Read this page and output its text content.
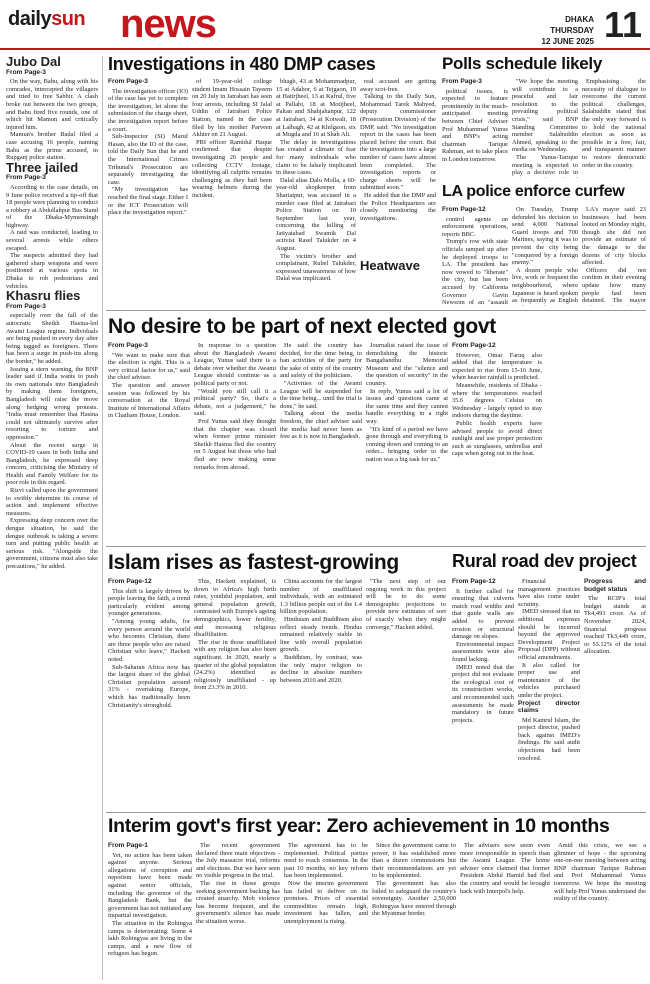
dailysun news	DHAKA
THURSDAY
12 JUNE 2025 11
Jubo Dal
From Page-3

On the way, Babu, along with his comrades, intercepted the villagers and tried to free Sabbir. A clash broke out between the two groups, and Babu fired five rounds, one of which hit Mamun and critically injured him.

Mamun's brother Badal filed a case accusing 16 people, naming Babu as the prime accused, in Rupganj police station.

Three jailed
From Page-3

According to the case details, on 9 June police received a tip-off that 18 people were planning to conduct a robbery at Abdullahpur Bus Stand of the Dhaka-Mymensingh highway.

A raid was conducted, leading to several arrests while others escaped.

The suspects admitted they had gathered sharp weapons and were positioned at various spots in Dhaka to rob pedestrians and vehicles.

Khasru flies
From Page-3

especially over the fall of the autocratic Sheikh Hasina-led Awami League regime. Individuals are being pushed in every day after being tagged as foreigners. There has been a surge in push-ins along the border," he added.

Issuing a stern warning, the BNP leader said if India wants to push its own nationals into Bangladesh by making them foreigners, Bangladesh will raise the move along hedging wrong protests. "India must remember that Hasina could not ultimately survive after resorting to torture and oppression."

About the recent surge in COVID-19 cases in both India and Bangladesh, he expressed deep concern, criticising the Ministry of Health and Family Welfare for its poor role in this regard.

Rizvi called upon the government to swiftly determine its course of action and implement effective measures.

Expressing deep concern over the dengue situation, he said the dengue outbreak is taking a severe turn and putting public health at serious risk. "Alongside the government, citizens must also take precautions," he added.

Investigations in 480 DMP cases
From Page-3

The investigation officer (IO) of the case has yet to complete the investigation, let alone the submission of the charge sheet, the investigation report before a court.

Sub-Inspector (SI) Maruf Hasan, also the IO of the case, told the Daily Sun that he and the International Crimes Tribunal's Prosecution are separately investigating the case.

"My investigation has reached the final stage. Either I or the ICT Prosecution will place the investigation report."

of 19-year-old college student Imam Hossain Tayeem on 20 July in Jatrabari has seen four arrests, including SI Jalal Uddin of Jatrabari Police Station, named in the case filed by his mother Parveen Akhter on 21 August.

PBI officer Ramidul Haque confirmed that despite investigating 26 people and collecting CCTV footage, identifying all culprits remains challenging as they had been wearing helmets during the incident.

bhagh, 43 at Mohammadpur, 15 at Adabor, 6 at Tejgaon, 19 at Hatirjheel, 13 at Kafrul, five at Pallabi, 18 at Motijheel, Paltan and Shahjahanpur, 122 at Jatrabari, 34 at Kotwali, 18 at Lalbagh, 42 at Khilgaon, six at Mugda and 16 at Shah Ali.

The delay in investigations has created a climate of fear for many individuals who claim to be falsely implicated in these cases.

Dalal alias Dalu Molla, a 60-year-old shopkeeper from Shariatpur, was accused in a murder case filed at Jatrabari Police Station on 10 September last year, concerning the killing of Jatiyatabad Swamik Dal activist Rasel Talukder on 4 August.

The victim's brother and complainant, Rubel Talukder, expressed unawareness of how Dalal was implicated.

real accused are getting away scot-free.

Talking to the Daily Sun, Mohammad Tarek Mahyed, deputy commissioner (Prosecution Division) of the DMP, said: "No investigation report in the cases has been placed before the court. But the investigations into a large number of cases have almost been completed. The investigation reports or charge sheets will be submitted soon."

He added that the DMP and the Police Headquarters are closely monitoring the investigations.

Heatwave
Polls schedule likely
From Page-3

political issues, is expected to feature prominently in the much-anticipated meeting between Chief Adviser Prof Muhammad Yunus and BNP's acting chairman Tarique Rahman, set to take place in London tomorrow.

"We hope the meeting will contribute to a peaceful and fair resolution to the prevailing political crisis," said BNP Standing Committee member Salahuddin Ahmed, speaking to the media on Wednesday.

The Yunus-Tarique meeting is expected to play a decisive role in

Emphasising the necessity of dialogue to overcome the current political challenges, Salahuddin stated that the only way forward is to hold the national election as soon as possible in a free, fair, and transparent manner to restore democratic order in the country.

LA police enforce curfew
From Page-12

control agents on enforcement operations, reports BBC.

Trump's row with state officials ramped up after he deployed troops to LA. The president has now vowed to "liberate" the city, but has been accused by California Governor Gavin Newsom of an "assault

On Tuesday, Trump defended his decision to send 4,000 National Guard troops and 700 Marines, saying it was to prevent the city being "conquered by a foreign enemy."

A dozen people who live, work or frequent the neighbourhood, where Japanese is heard spoken as frequently as English

LA's mayor said 23 businesses had been looted on Monday night, though she did not provide an estimate of the damage to the dozens of city blocks affected.

Officers did not confirm in their evening update how many people had been detained. The mayor

No desire to be part of next elected govt
From Page-3

"We want to make sure that the election is right. This is a very critical factor for us," said the chief adviser.

The question and answer session was followed by his conversation at the Royal Institute of International Affairs in Chatham House, London.

In response to a question about the Bangladesh Awami League, Yunus said there is a debate over whether the Awami League should continue as a political party or not.

"Would you still call it a political party? So, that's a debate, not a judgement," he said.

Prof Yunus said they thought that the chapter was closed when former prime minister Sheikh Hasina fled the country on 5 August but those who had fled are now making some remarks from abroad.

He said the country has decided, for the time being, to ban activities of the party for the sake of unity of the country and safety of the politicians.

"Activities of the Awami League will be suspended for the time being... until the trial is done," he said.

Talking about the media freedom, the chief adviser said the media had never been as free as it is now in Bangladesh.

Journalist raised the issue of demolishing the historic Bangabandhu Memorial Museum and the "silence and the question of security" in the country.

In reply, Yunus said a lot of issues and questions came at the same time and they cannot handle everything in a right way.

"It's kind of a period we have gone through and everything is coming down and coming to an order... bringing order to the nation was a big task for us."

From Page-12

However, Omar Faruq also added that the temperature is expected to rise from 15-16 June, when heavier rainfall is predicted.

Meanwhile, residents of Dhaka - where the temperatures reached 35.6 degrees Celsius on Wednesday - largely opted to stay indoors during the daytime.

Public health experts have advised people to avoid direct sunlight and use proper protection such as sunglasses, umbrellas and caps when going out in the heat.

Islam rises as fastest-growing
From Page-12

This shift is largely driven by people leaving the faith, a trend particularly evident among younger generations.

"Among young adults, for every person around the world who becomes Christian, there are three people who are raised Christian who leave," Hackett noted.

Sub-Saharan Africa now has the largest share of the global Christian population around 31% - overtaking Europe, which has traditionally been Christianity's stronghold.

This, Hackett explained, is down to Africa's high birth rates, youthful population, and general population growth, contrasted with Europe's ageing demographics, lower fertility, and increasing religious disaffiliation.

The rise in those unaffiliated with any religion has also been significant. In 2020, nearly a quarter of the global population (24.2%) identified as religiously unaffiliated - up from 23.3% in 2010.

China accounts for the largest number of unaffiliated individuals, with an estimated 1.3 billion people out of the 1.4 billion population.

Hinduism and Buddhism also reflect steady trends. Hindus remained relatively stable in line with overall population growth.

Buddhism, by contrast, was the only major religion to decline in absolute numbers between 2010 and 2020.

"The next step of our ongoing work in this project will be to do some demographic projections to provide new estimates of sort of exactly when they might converge," Hackett added.

Rural road dev project
From Page-12

It further called for ensuring that culverts match road widths and that guide walls are added to prevent erosion or structural damage on slopes.

Environmental impact assessments were also found lacking.

IMED noted that the project did not evaluate the ecological cost of its construction works, and recommended such assessments be made mandatory in future projects.

Financial management practices have also come under scrutiny.

IMED stressed that no additional expenses should be incurred beyond the approved Development Project Proposal (DPP) without official amendments.

It also called for proper use and maintenance of the vehicles purchased under the project.

Project director claims

Md Kamrul Islam, the project director, pushed back against IMED's findings. He said audit objections had been resolved.

Progress and budget status

The RCIP's total budget stands at Tk4,493 crore. As of November 2024, financial progress reached Tk3,449 crore, or 53.12% of the total allocation.

Interim govt's first year: Zero achievement in 10 months
From Page-1

Yet, no action has been taken against anyone. Serious allegations of corruption and nepotism have been made against senior officials, including the governor of the Bangladesh Bank, but the government has not initiated any impartial investigation.

The situation in the Rohingya camps is deteriorating. Some 4 lakh Rohingyas are living in the camps, and a new flow of refugees has begun.

The recent government declared three main objectives - the July massacre trial, reforms and elections. But we have seen no visible progress in the trial.

The rise in those groups seeking government backing has created anarchy. Mob violence has become frequent, and the government's silence has made the situation worse.

The agreement has to be implemented. Political parties need to reach consensus. In the past 10 months, no key reform has been implemented.

Now the interim government has failed to deliver on its promises. Prices of essential commodities remain high, investment has fallen, and unemployment is rising.

Since the government came to power, it has established more than a dozen commissions but their recommendations are yet to be implemented.

The government has also failed to safeguard the country's sovereignty. Another 2,50,000 Rohingyas have entered through the Myanmar border.

The advisers now seem even more irresponsible in speech than the Awami League. The home adviser once claimed that former President Abdul Hamid had fled the country and would be brought back with Interpol's help.

Amid this crisis, we see a glimmer of hope - the upcoming one-on-one meeting between acting BNP chairman Tarique Rahman and Prof Muhammad Yunus tomorrow. We hope the meeting will help Prof Yunus understand the reality of the country.
